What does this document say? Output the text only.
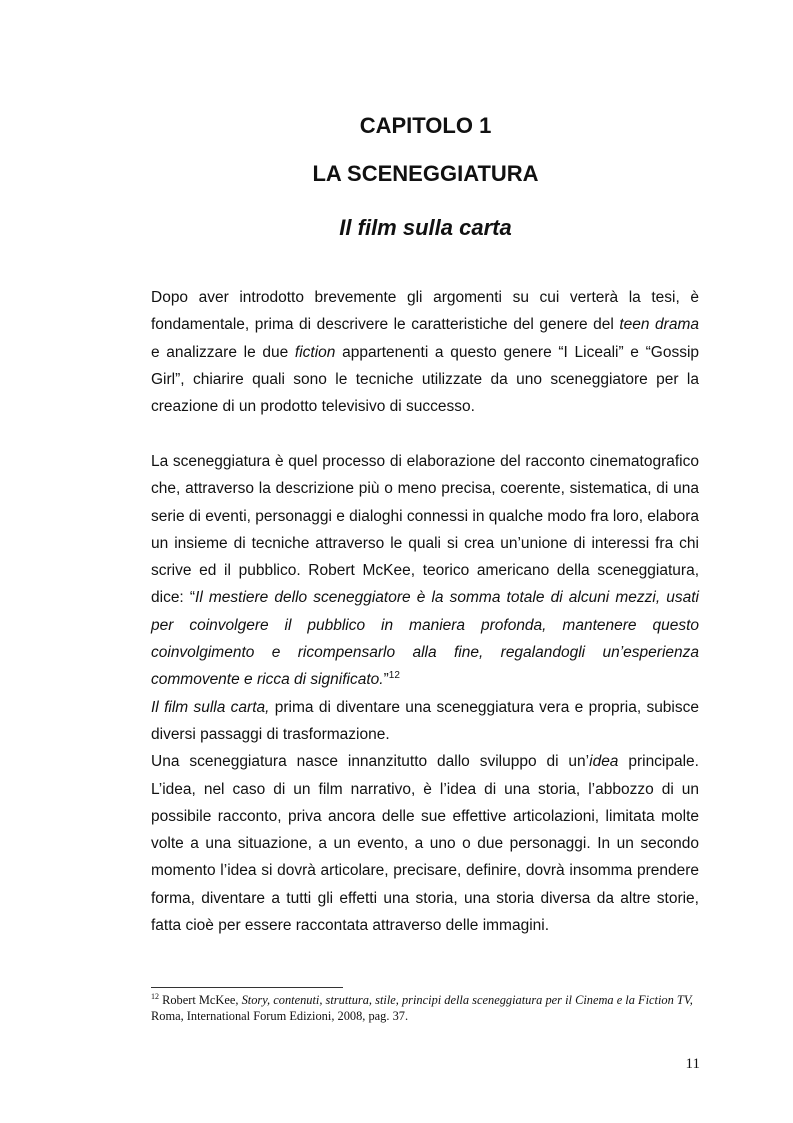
CAPITOLO 1
LA SCENEGGIATURA
Il film sulla carta

Dopo aver introdotto brevemente gli argomenti su cui verterà la tesi, è fondamentale, prima di descrivere le caratteristiche del genere del teen drama e analizzare le due fiction appartenenti a questo genere “I Liceali” e “Gossip Girl”, chiarire quali sono le tecniche utilizzate da uno sceneggiatore per la creazione di un prodotto televisivo di successo.

La sceneggiatura è quel processo di elaborazione del racconto cinematografico che, attraverso la descrizione più o meno precisa, coerente, sistematica, di una serie di eventi, personaggi e dialoghi connessi in qualche modo fra loro, elabora un insieme di tecniche attraverso le quali si crea un’unione di interessi fra chi scrive ed il pubblico. Robert McKee, teorico americano della sceneggiatura, dice: “Il mestiere dello sceneggiatore è la somma totale di alcuni mezzi, usati per coinvolgere il pubblico in maniera profonda, mantenere questo coinvolgimento e ricompensarlo alla fine, regalandogli un’esperienza commovente e ricca di significato.”$^{12}$

Il film sulla carta, prima di diventare una sceneggiatura vera e propria, subisce diversi passaggi di trasformazione.

Una sceneggiatura nasce innanzitutto dallo sviluppo di un’idea principale. L’idea, nel caso di un film narrativo, è l’idea di una storia, l’abbozzo di un possibile racconto, priva ancora delle sue effettive articolazioni, limitata molte volte a una situazione, a un evento, a uno o due personaggi. In un secondo momento l’idea si dovrà articolare, precisare, definire, dovrà insomma prendere forma, diventare a tutti gli effetti una storia, una storia diversa da altre storie, fatta cioè per essere raccontata attraverso delle immagini.

$^{12}$ Robert McKee, Story, contenuti, struttura, stile, principi della sceneggiatura per il Cinema e la Fiction TV, Roma, International Forum Edizioni, 2008, pag. 37.

11
